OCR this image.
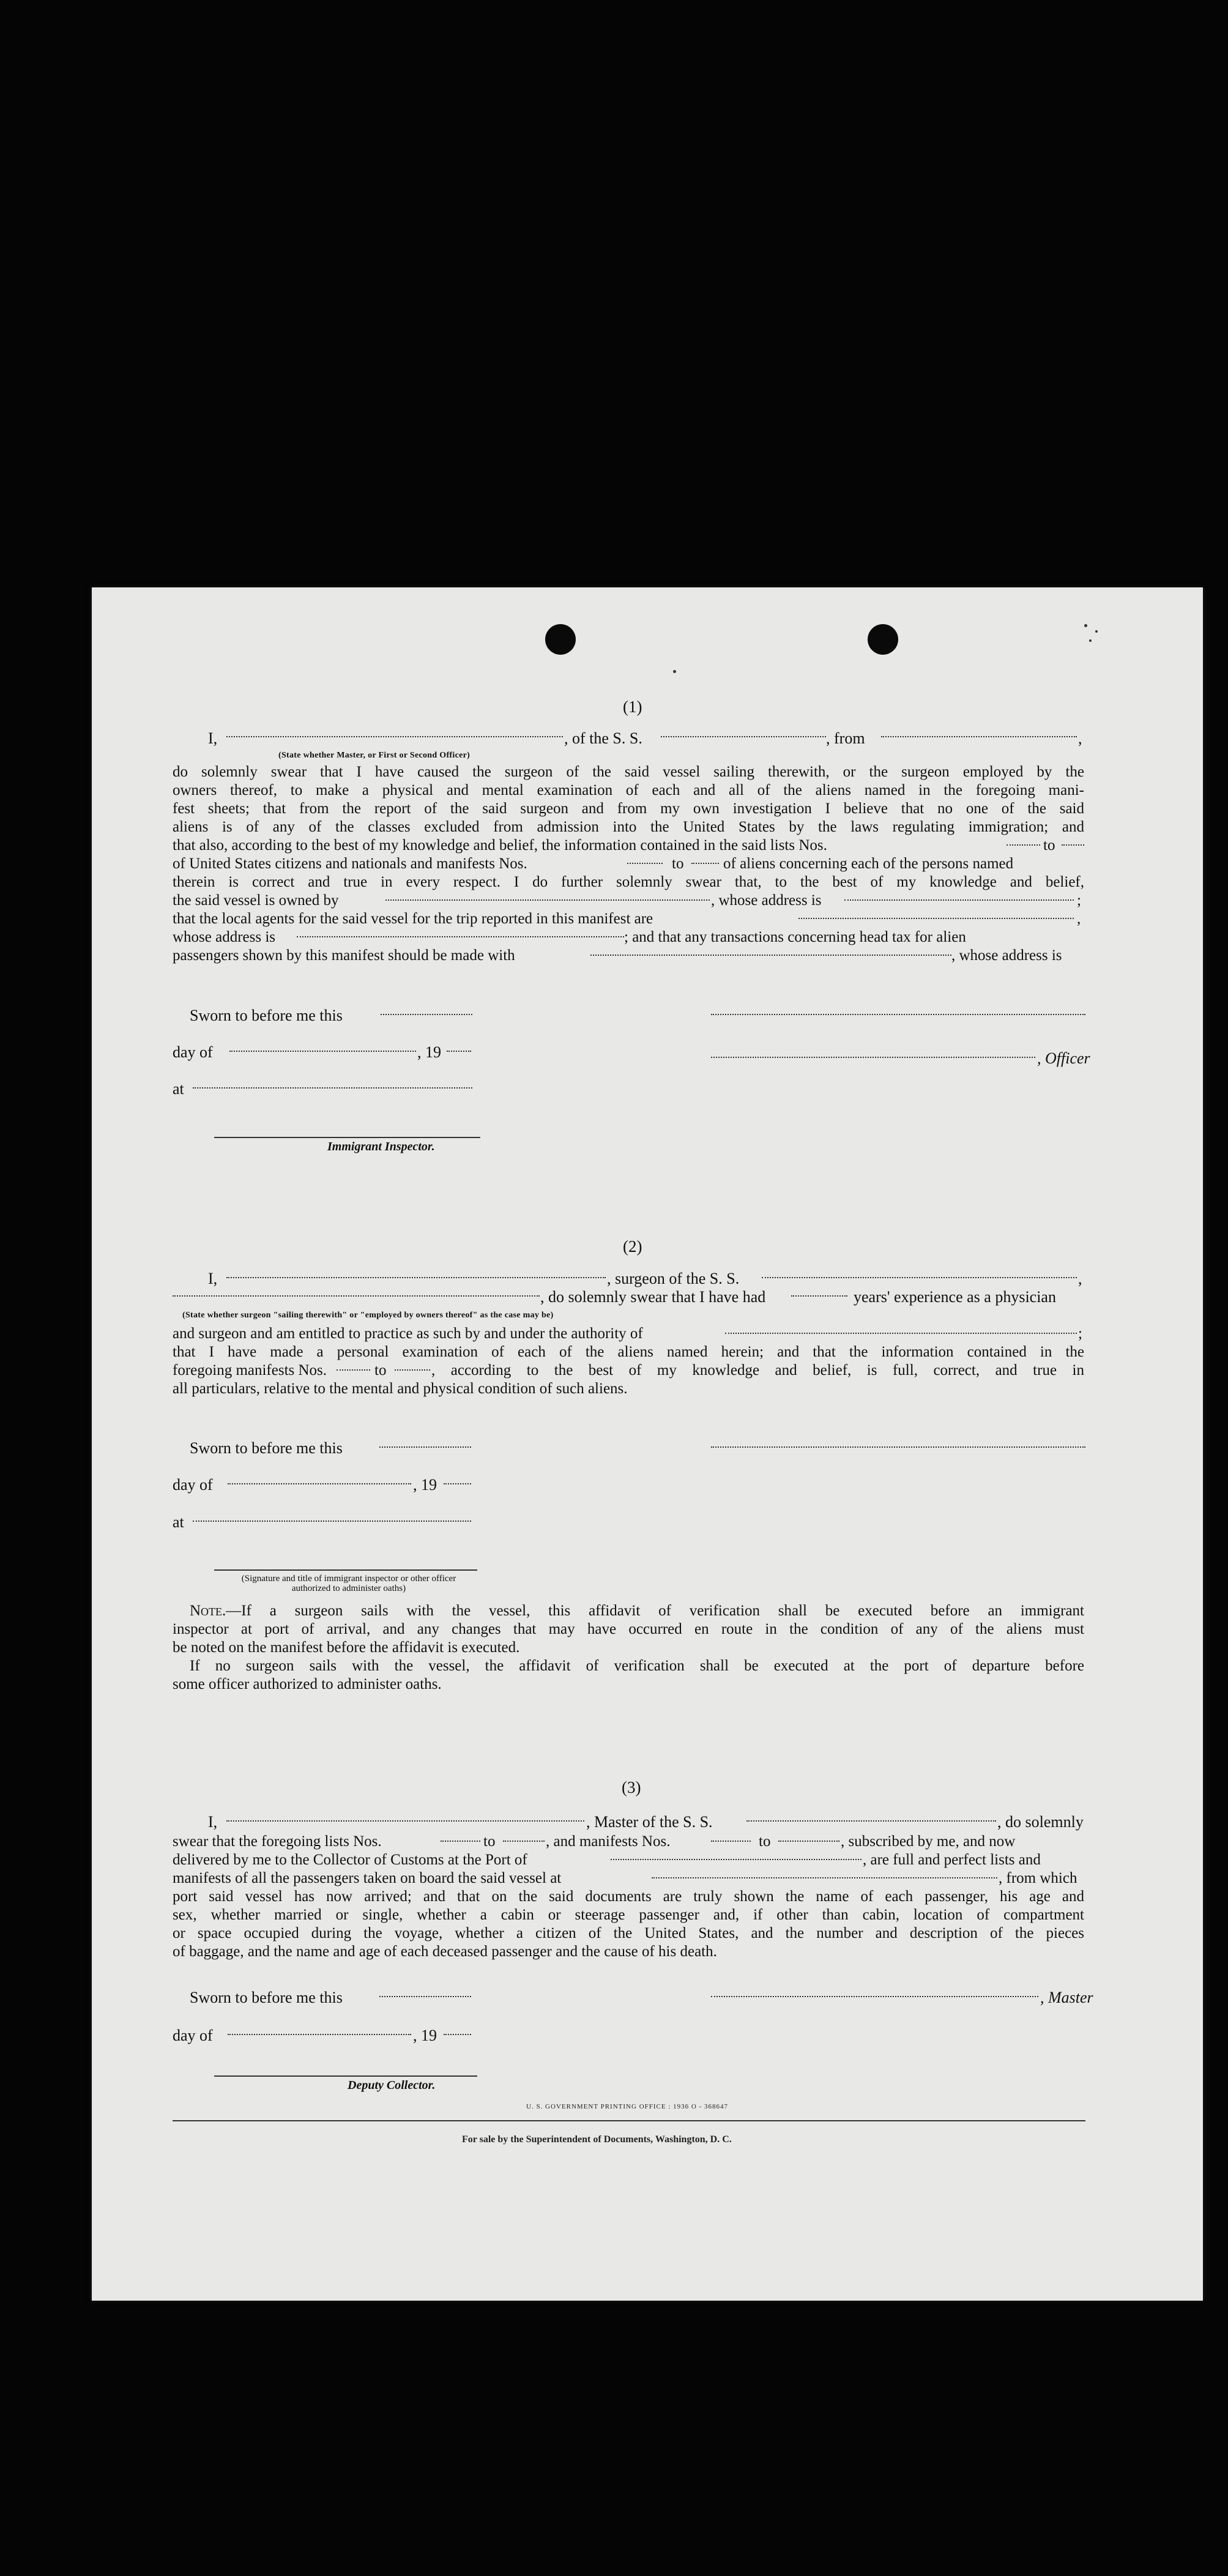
(1)
I,	, of the S. S.	, from	,
(State whether Master, or First or Second Officer)
do solemnly swear that I have caused the surgeon of the said vessel sailing therewith, or the surgeon employed by the
owners thereof, to make a physical and mental examination of each and all of the aliens named in the foregoing mani-
fest sheets; that from the report of the said surgeon and from my own investigation I believe that no one of the said
aliens is of any of the classes excluded from admission into the United States by the laws regulating immigration; and
that also, according to the best of my knowledge and belief, the information contained in the said lists Nos.	to
of United States citizens and nationals and manifests Nos.	to	of aliens concerning each of the persons named
therein is correct and true in every respect. I do further solemnly swear that, to the best of my knowledge and belief,
the said vessel is owned by	, whose address is	;
that the local agents for the said vessel for the trip reported in this manifest are	,
whose address is	; and that any transactions concerning head tax for alien
passengers shown by this manifest should be made with	, whose address is
Sworn to before me this
day of	, 19	, Officer
at
Immigrant Inspector.
(2)
I,	, surgeon of the S. S.	,
, do solemnly swear that I have had	years' experience as a physician
(State whether surgeon "sailing therewith" or "employed by owners thereof" as the case may be)
and surgeon and am entitled to practice as such by and under the authority of	;
that I have made a personal examination of each of the aliens named herein; and that the information contained in the
foregoing manifests Nos.	to	, according to the best of my knowledge and belief, is full, correct, and true in
all particulars, relative to the mental and physical condition of such aliens.
Sworn to before me this
day of	, 19
at
(Signature and title of immigrant inspector or other officer authorized to administer oaths)
Note.—If a surgeon sails with the vessel, this affidavit of verification shall be executed before an immigrant
inspector at port of arrival, and any changes that may have occurred en route in the condition of any of the aliens must
be noted on the manifest before the affidavit is executed.
If no surgeon sails with the vessel, the affidavit of verification shall be executed at the port of departure before
some officer authorized to administer oaths.
(3)
I,	, Master of the S. S.	, do solemnly
swear that the foregoing lists Nos.	to	, and manifests Nos.	to	, subscribed by me, and now
delivered by me to the Collector of Customs at the Port of	, are full and perfect lists and
manifests of all the passengers taken on board the said vessel at	, from which
port said vessel has now arrived; and that on the said documents are truly shown the name of each passenger, his age and
sex, whether married or single, whether a cabin or steerage passenger and, if other than cabin, location of compartment
or space occupied during the voyage, whether a citizen of the United States, and the number and description of the pieces
of baggage, and the name and age of each deceased passenger and the cause of his death.
Sworn to before me this	, Master
day of	, 19
Deputy Collector.
U. S. GOVERNMENT PRINTING OFFICE : 1936 O - 368647
For sale by the Superintendent of Documents, Washington, D. C.
